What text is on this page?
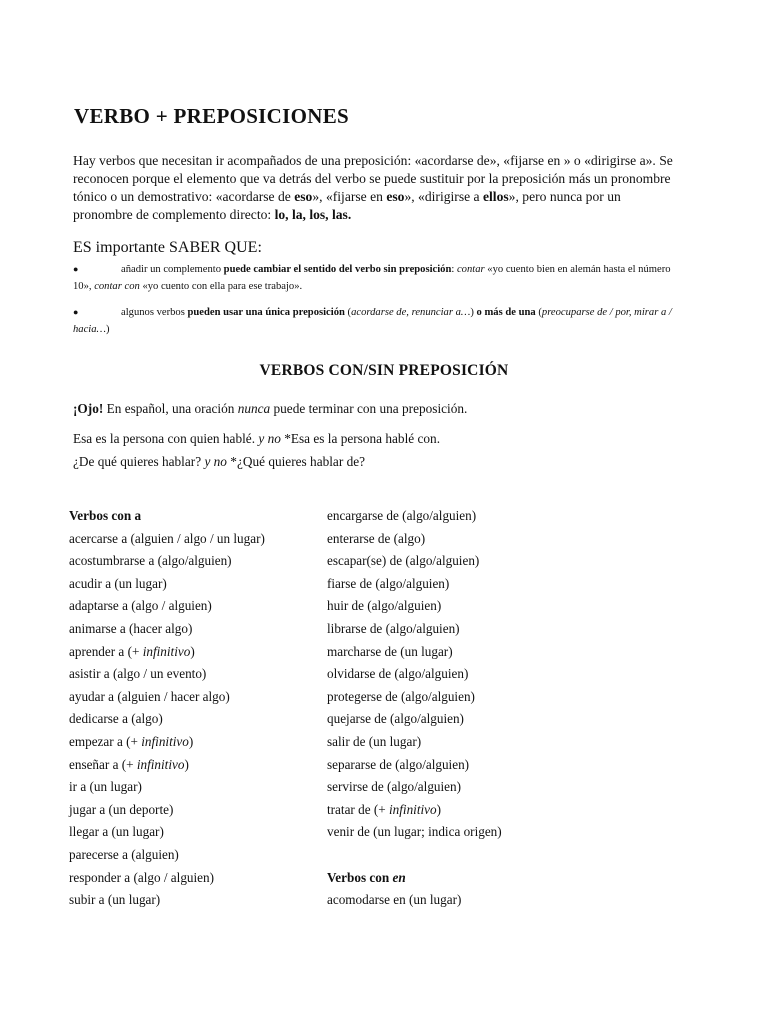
VERBO + PREPOSICIONES

Hay verbos que necesitan ir acompañados de una preposición: «acordarse de», «fijarse en » o «dirigirse a». Se reconocen porque el elemento que va detrás del verbo se puede sustituir por la preposición más un pronombre tónico o un demostrativo: «acordarse de eso», «fijarse en eso», «dirigirse a ellos», pero nunca por un pronombre de complemento directo: lo, la, los, las.

ES importante SABER QUE:
●	añadir un complemento puede cambiar el sentido del verbo sin preposición: contar «yo cuento bien en alemán hasta el número 10», contar con «yo cuento con ella para ese trabajo».
●	algunos verbos pueden usar una única preposición (acordarse de, renunciar a…) o más de una (preocuparse de / por, mirar a / hacia…)
VERBOS CON/SIN PREPOSICIÓN

¡Ojo! En español, una oración nunca puede terminar con una preposición.

Esa es la persona con quien hablé. y no *Esa es la persona hablé con.

¿De qué quieres hablar? y no *¿Qué quieres hablar de?

Verbos con a
acercarse a (alguien / algo / un lugar)
acostumbrarse a (algo/alguien)
acudir a (un lugar)
adaptarse a (algo / alguien)
animarse a (hacer algo)
aprender a (+ infinitivo)
asistir a (algo / un evento)
ayudar a (alguien / hacer algo)
dedicarse a (algo)
empezar a (+ infinitivo)
enseñar a (+ infinitivo)
ir a (un lugar)
jugar a (un deporte)
llegar a (un lugar)
parecerse a (alguien)
responder a (algo / alguien)
subir a (un lugar)
encargarse de (algo/alguien)
enterarse de (algo)
escapar(se) de (algo/alguien)
fiarse de (algo/alguien)
huir de (algo/alguien)
librarse de (algo/alguien)
marcharse de (un lugar)
olvidarse de (algo/alguien)
protegerse de (algo/alguien)
quejarse de (algo/alguien)
salir de (un lugar)
separarse de (algo/alguien)
servirse de (algo/alguien)
tratar de (+ infinitivo)
venir de (un lugar; indica origen)
Verbos con en
acomodarse en (un lugar)
